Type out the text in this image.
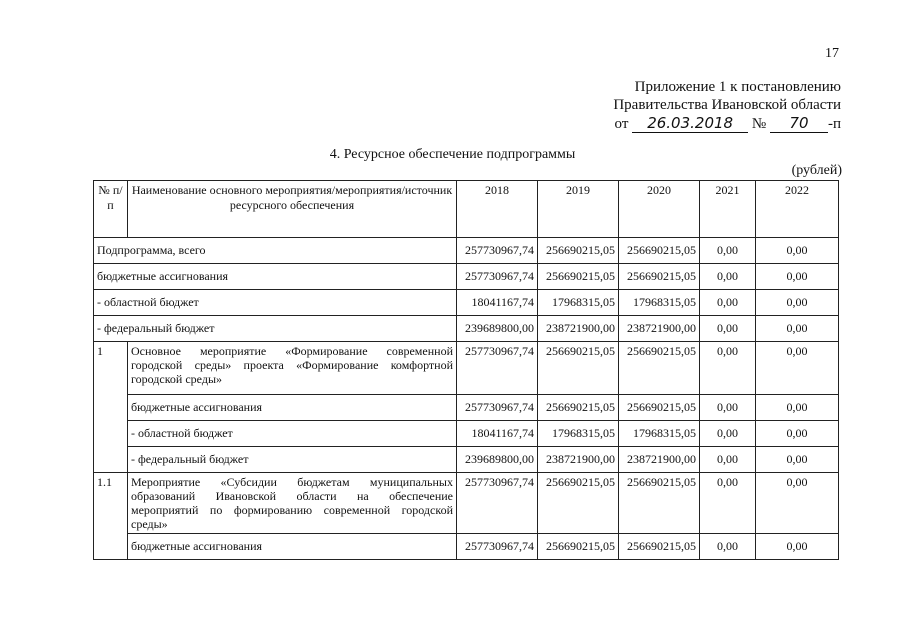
17
Приложение 1 к постановлению
Правительства Ивановской области
от 26.03.2018 № 70 -п
4. Ресурсное обеспечение подпрограммы
(рублей)
№ п/п	Наименование основного мероприятия/мероприятия/источник ресурсного обеспечения	2018	2019	2020	2021	2022
Подпрограмма, всего		257730967,74	256690215,05	256690215,05	0,00	0,00
бюджетные ассигнования		257730967,74	256690215,05	256690215,05	0,00	0,00
- областной бюджет		18041167,74	17968315,05	17968315,05	0,00	0,00
- федеральный бюджет		239689800,00	238721900,00	238721900,00	0,00	0,00
1	Основное мероприятие «Формирование современной городской среды» проекта «Формирование комфортной городской среды»	257730967,74	256690215,05	256690215,05	0,00	0,00
	бюджетные ассигнования	257730967,74	256690215,05	256690215,05	0,00	0,00
	- областной бюджет	18041167,74	17968315,05	17968315,05	0,00	0,00
	- федеральный бюджет	239689800,00	238721900,00	238721900,00	0,00	0,00
1.1	Мероприятие «Субсидии бюджетам муниципальных образований Ивановской области на обеспечение мероприятий по формированию современной городской среды»	257730967,74	256690215,05	256690215,05	0,00	0,00
	бюджетные ассигнования	257730967,74	256690215,05	256690215,05	0,00	0,00
